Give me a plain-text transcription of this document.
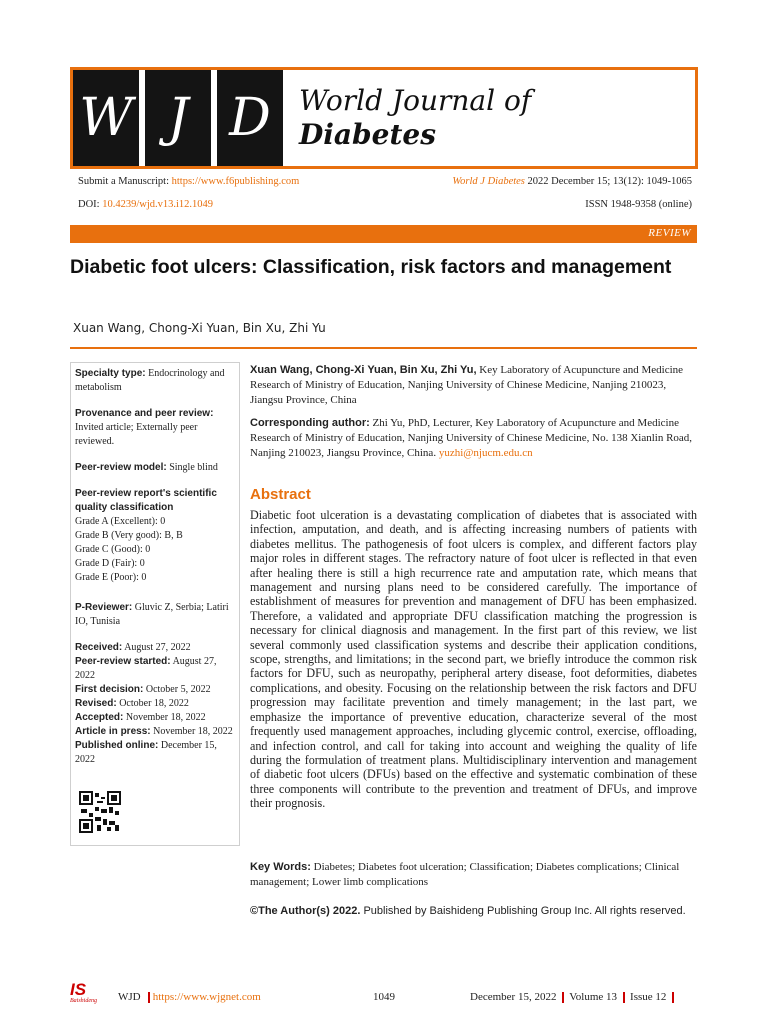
W J D	World Journal of
Diabetes
Submit a Manuscript: https://www.f6publishing.com	World J Diabetes 2022 December 15; 13(12): 1049-1065
DOI: 10.4239/wjd.v13.i12.1049	ISSN 1948-9358 (online)
REVIEW
Diabetic foot ulcers: Classification, risk factors and management
Xuan Wang, Chong-Xi Yuan, Bin Xu, Zhi Yu
Specialty type: Endocrinology and metabolism
Provenance and peer review:
Invited article; Externally peer reviewed.
Peer-review model: Single blind
Peer-review report's scientific quality classification
Grade A (Excellent): 0
Grade B (Very good): B, B
Grade C (Good): 0
Grade D (Fair): 0
Grade E (Poor): 0
P-Reviewer: Gluvic Z, Serbia; Latiri IO, Tunisia
Received: August 27, 2022
Peer-review started: August 27, 2022
First decision: October 5, 2022
Revised: October 18, 2022
Accepted: November 18, 2022
Article in press: November 18, 2022
Published online: December 15, 2022
Xuan Wang, Chong-Xi Yuan, Bin Xu, Zhi Yu, Key Laboratory of Acupuncture and Medicine Research of Ministry of Education, Nanjing University of Chinese Medicine, Nanjing 210023, Jiangsu Province, China
Corresponding author: Zhi Yu, PhD, Lecturer, Key Laboratory of Acupuncture and Medicine Research of Ministry of Education, Nanjing University of Chinese Medicine, No. 138 Xianlin Road, Nanjing 210023, Jiangsu Province, China. yuzhi@njucm.edu.cn
Abstract
Diabetic foot ulceration is a devastating complication of diabetes that is associated with infection, amputation, and death, and is affecting increasing numbers of patients with diabetes mellitus. The pathogenesis of foot ulcers is complex, and different factors play major roles in different stages. The refractory nature of foot ulcer is reflected in that even after healing there is still a high recurrence rate and amputation rate, which means that management and nursing plans need to be considered carefully. The importance of establishment of measures for prevention and management of DFU has been emphasized. Therefore, a validated and appropriate DFU classification matching the progression is necessary for clinical diagnosis and management. In the first part of this review, we list several commonly used classification systems and describe their application conditions, scope, strengths, and limitations; in the second part, we briefly introduce the common risk factors for DFU, such as neuropathy, peripheral artery disease, foot deformities, diabetes complications, and obesity. Focusing on the relationship between the risk factors and DFU progression may facilitate prevention and timely management; in the last part, we emphasize the importance of preventive education, characterize several of the most frequently used management approaches, including glycemic control, exercise, offloading, and infection control, and call for taking into account and weighing the quality of life during the formulation of treatment plans. Multidisciplinary intervention and management of diabetic foot ulcers (DFUs) based on the effective and systematic combination of these three components will contribute to the prevention and treatment of DFUs, and improve their prognosis.
Key Words: Diabetes; Diabetes foot ulceration; Classification; Diabetes complications; Clinical management; Lower limb complications
©The Author(s) 2022. Published by Baishideng Publishing Group Inc. All rights reserved.
IS
Baishideng	WJD	https://www.wjgnet.com	1049	December 15, 2022 Volume 13 Issue 12
